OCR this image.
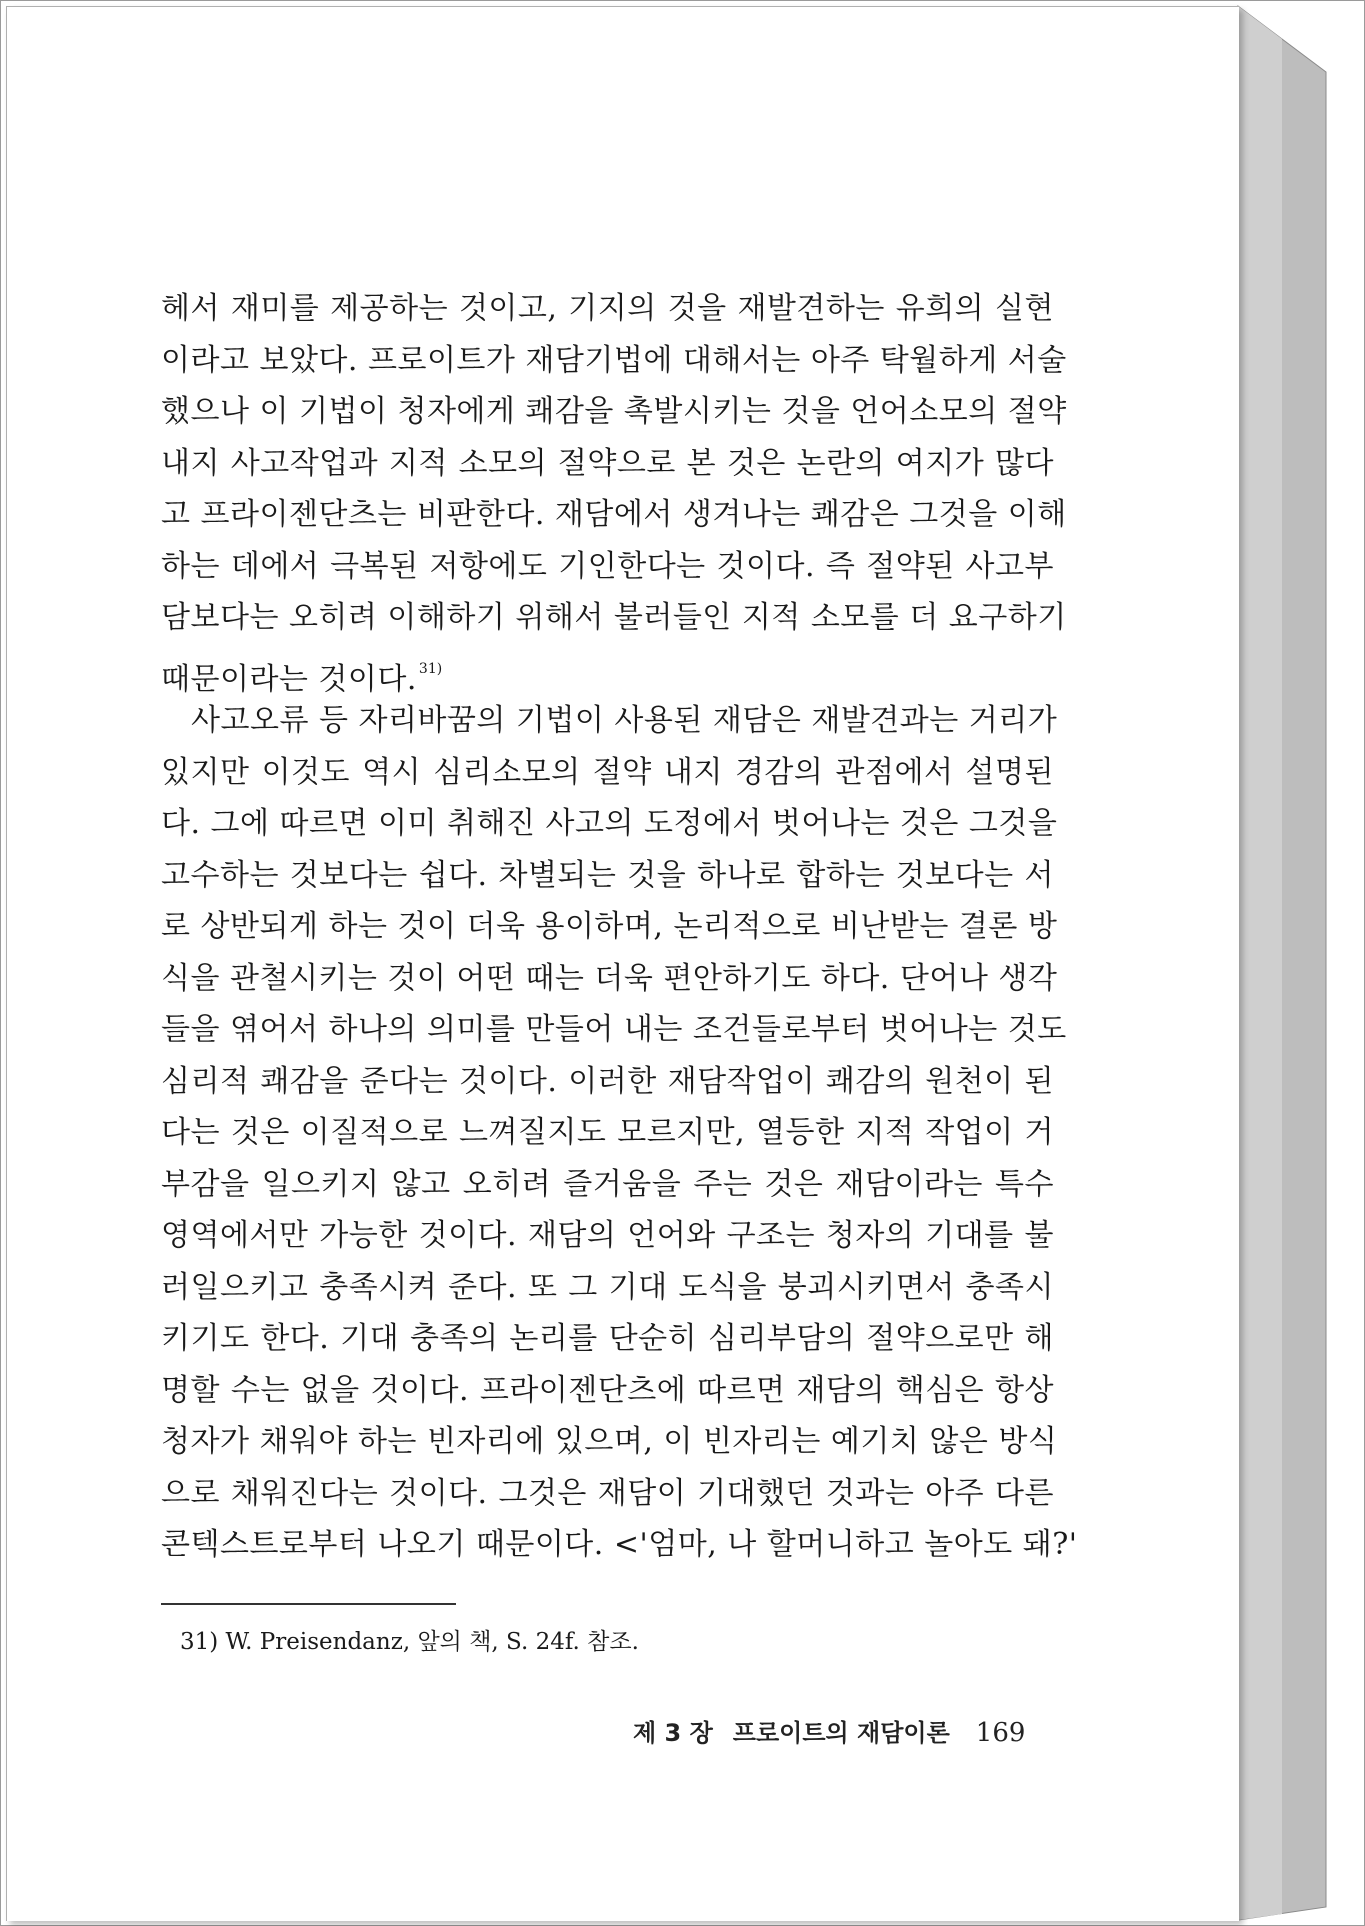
헤서 재미를 제공하는 것이고, 기지의 것을 재발견하는 유희의 실현
이라고 보았다. 프로이트가 재담기법에 대해서는 아주 탁월하게 서술
했으나 이 기법이 청자에게 쾌감을 촉발시키는 것을 언어소모의 절약
내지 사고작업과 지적 소모의 절약으로 본 것은 논란의 여지가 많다
고 프라이젠단츠는 비판한다. 재담에서 생겨나는 쾌감은 그것을 이해
하는 데에서 극복된 저항에도 기인한다는 것이다. 즉 절약된 사고부
담보다는 오히려 이해하기 위해서 불러들인 지적 소모를 더 요구하기
때문이라는 것이다. $^{31)}$
사고오류 등 자리바꿈의 기법이 사용된 재담은 재발견과는 거리가
있지만 이것도 역시 심리소모의 절약 내지 경감의 관점에서 설명된
다. 그에 따르면 이미 취해진 사고의 도정에서 벗어나는 것은 그것을
고수하는 것보다는 쉽다. 차별되는 것을 하나로 합하는 것보다는 서
로 상반되게 하는 것이 더욱 용이하며, 논리적으로 비난받는 결론 방
식을 관철시키는 것이 어떤 때는 더욱 편안하기도 하다. 단어나 생각
들을 엮어서 하나의 의미를 만들어 내는 조건들로부터 벗어나는 것도
심리적 쾌감을 준다는 것이다. 이러한 재담작업이 쾌감의 원천이 된
다는 것은 이질적으로 느껴질지도 모르지만, 열등한 지적 작업이 거
부감을 일으키지 않고 오히려 즐거움을 주는 것은 재담이라는 특수
영역에서만 가능한 것이다. 재담의 언어와 구조는 청자의 기대를 불
러일으키고 충족시켜 준다. 또 그 기대 도식을 붕괴시키면서 충족시
키기도 한다. 기대 충족의 논리를 단순히 심리부담의 절약으로만 해
명할 수는 없을 것이다. 프라이젠단츠에 따르면 재담의 핵심은 항상
청자가 채워야 하는 빈자리에 있으며, 이 빈자리는 예기치 않은 방식
으로 채워진다는 것이다. 그것은 재담이 기대했던 것과는 아주 다른
콘텍스트로부터 나오기 때문이다. <'엄마, 나 할머니하고 놀아도 돼?'
31) W. Preisendanz, 앞의 책, S. 24f. 참조.
제 3 장 프로이트의 재담이론 169
